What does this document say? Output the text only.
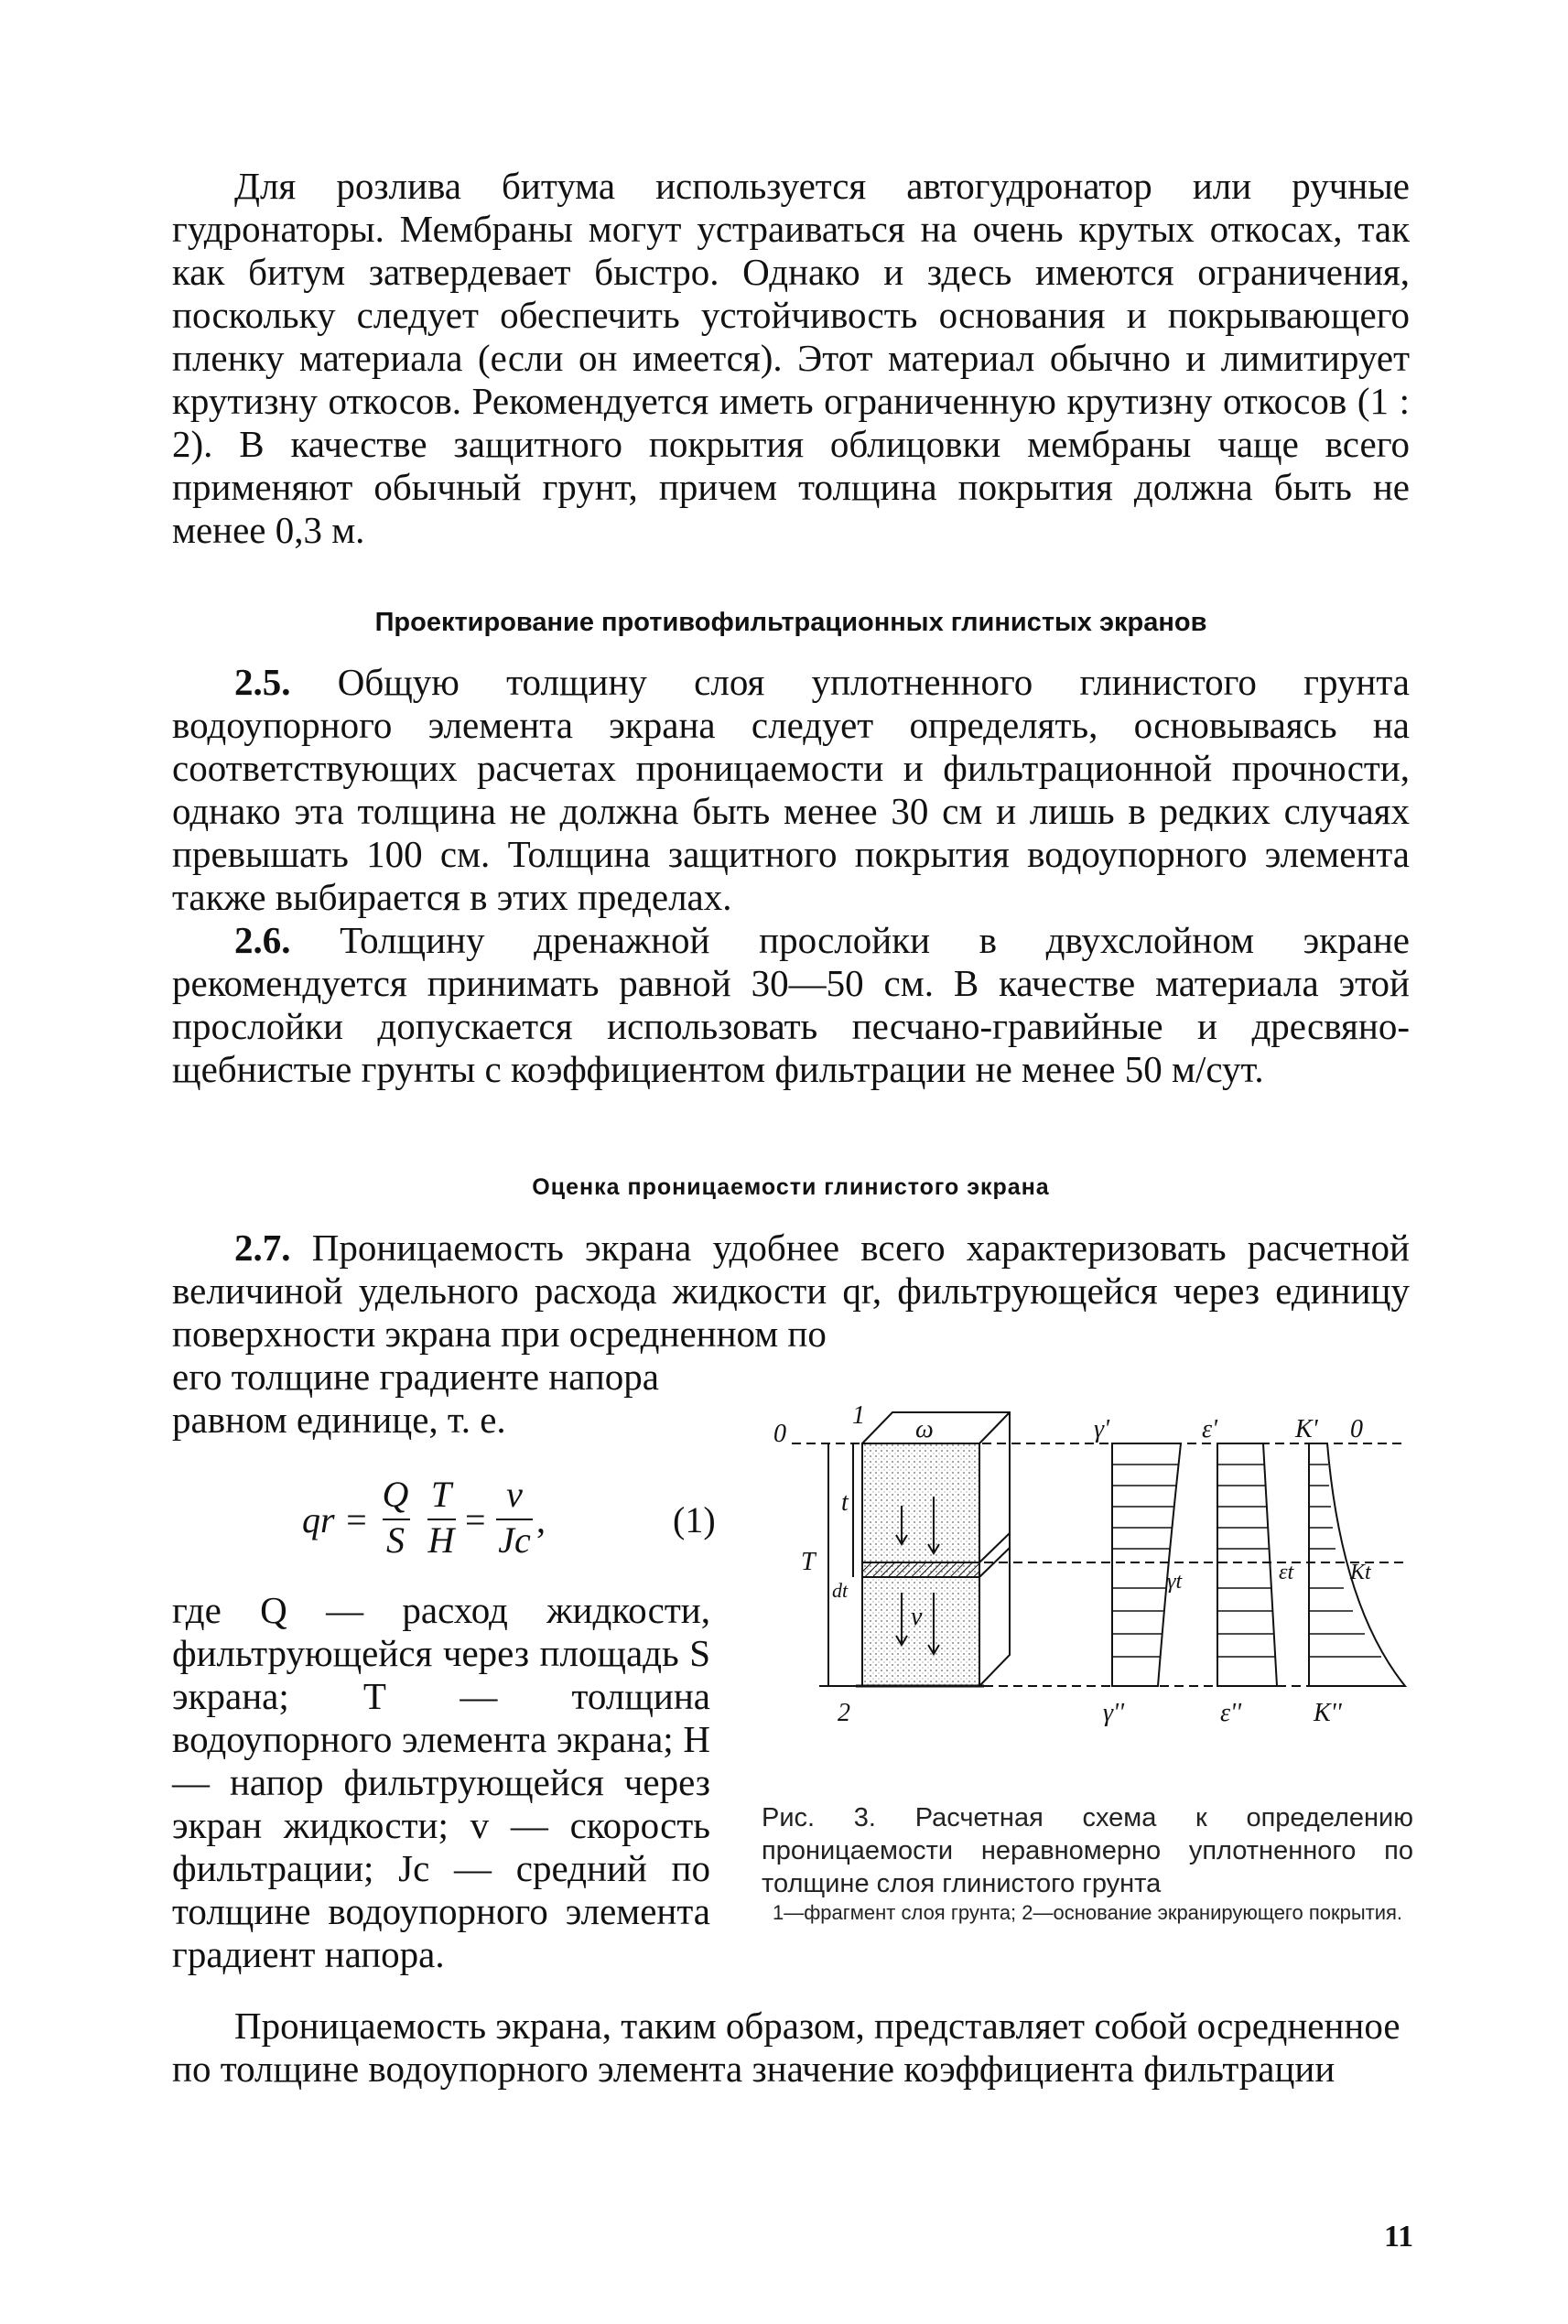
Для розлива битума используется автогудронатор или ручные гудронаторы. Мембраны могут устраиваться на очень крутых откосах, так как битум затвердевает быстро. Однако и здесь имеются ограничения, поскольку следует обеспечить устойчивость основания и покрывающего пленку материала (если он имеется). Этот материал обычно и лимитирует крутизну откосов. Рекомендуется иметь ограниченную крутизну откосов (1 : 2). В качестве защитного покрытия облицовки мембраны чаще всего применяют обычный грунт, причем толщина покрытия должна быть не менее 0,3 м.

Проектирование противофильтрационных глинистых экранов

2.5. Общую толщину слоя уплотненного глинистого грунта водоупорного элемента экрана следует определять, основываясь на соответствующих расчетах проницаемости и фильтрационной прочности, однако эта толщина не должна быть менее 30 см и лишь в редких случаях превышать 100 см. Толщина защитного покрытия водоупорного элемента также выбирается в этих пределах.

2.6. Толщину дренажной прослойки в двухслойном экране рекомендуется принимать равной 30—50 см. В качестве материала этой прослойки допускается использовать песчано-гравийные и дресвяно-щебнистые грунты с коэффициентом фильтрации не менее 50 м/сут.

Оценка проницаемости глинистого экрана

2.7. Проницаемость экрана удобнее всего характеризовать расчетной величиной удельного расхода жидкости qr, фильтрующейся через единицу поверхности экрана при осредненном по

его толщине градиенте напора равном единице, т. е.

qr =
Q
S
T
H =
v
Jc ,	(1)

где Q — расход жидкости, фильтрующейся через площадь S экрана; T — толщина водоупорного элемента экрана; H — напор фильтрующейся через экран жидкости; v — скорость фильтрации; Jc — средний по толщине водоупорного элемента градиент напора.

0
1 ω	γ'	ε'	K' 0
t
T
dt
v
γt	εt	Kt
2	γ''	ε''	K''
Рис. 3. Расчетная схема к определению проницаемости неравномерно уплотненного по толщине слоя глинистого грунта
1—фрагмент слоя грунта; 2—основание экранирующего покрытия.

Проницаемость экрана, таким образом, представляет собой осредненное по толщине водоупорного элемента значение коэффициента фильтрации

11
